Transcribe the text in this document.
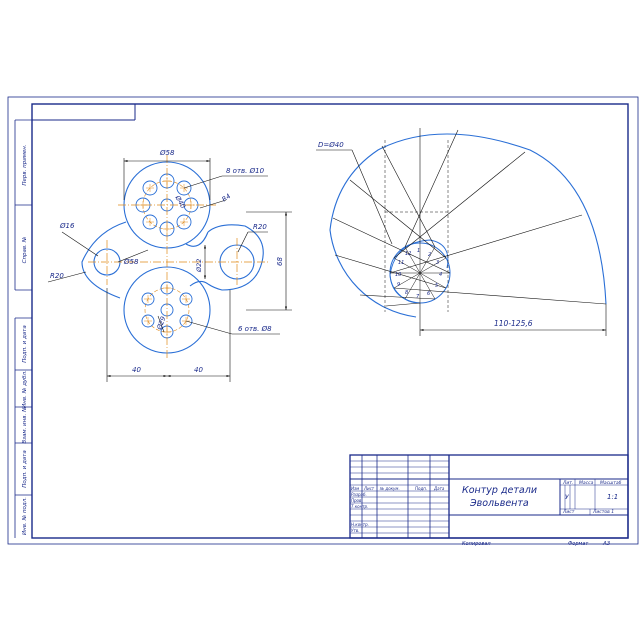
Перв. примен.
Справ. №
Подп. и дата
Инв. № дубл.
Взам. инв. №
Подп. и дата
Инв. № подл.
Ø58
8 отв. Ø10
R4
Ø40
Ø16
R20
Ø58	Ø22
R20
68
Ø29	6 отв. Ø8
40	40
D=Ø40
110-125,6
1
2
3
4
5
6
7
8
9
10
11
12
Контур детали
Эвольвента
Изм Лист № докум.	Подп. Дата
Разраб.
Пров.
Т.контр.
Н.контр.
Утв.
Лит. Масса Масштаб
У	1:1
Лист	Листов 1
Копировал	Формат	А3
